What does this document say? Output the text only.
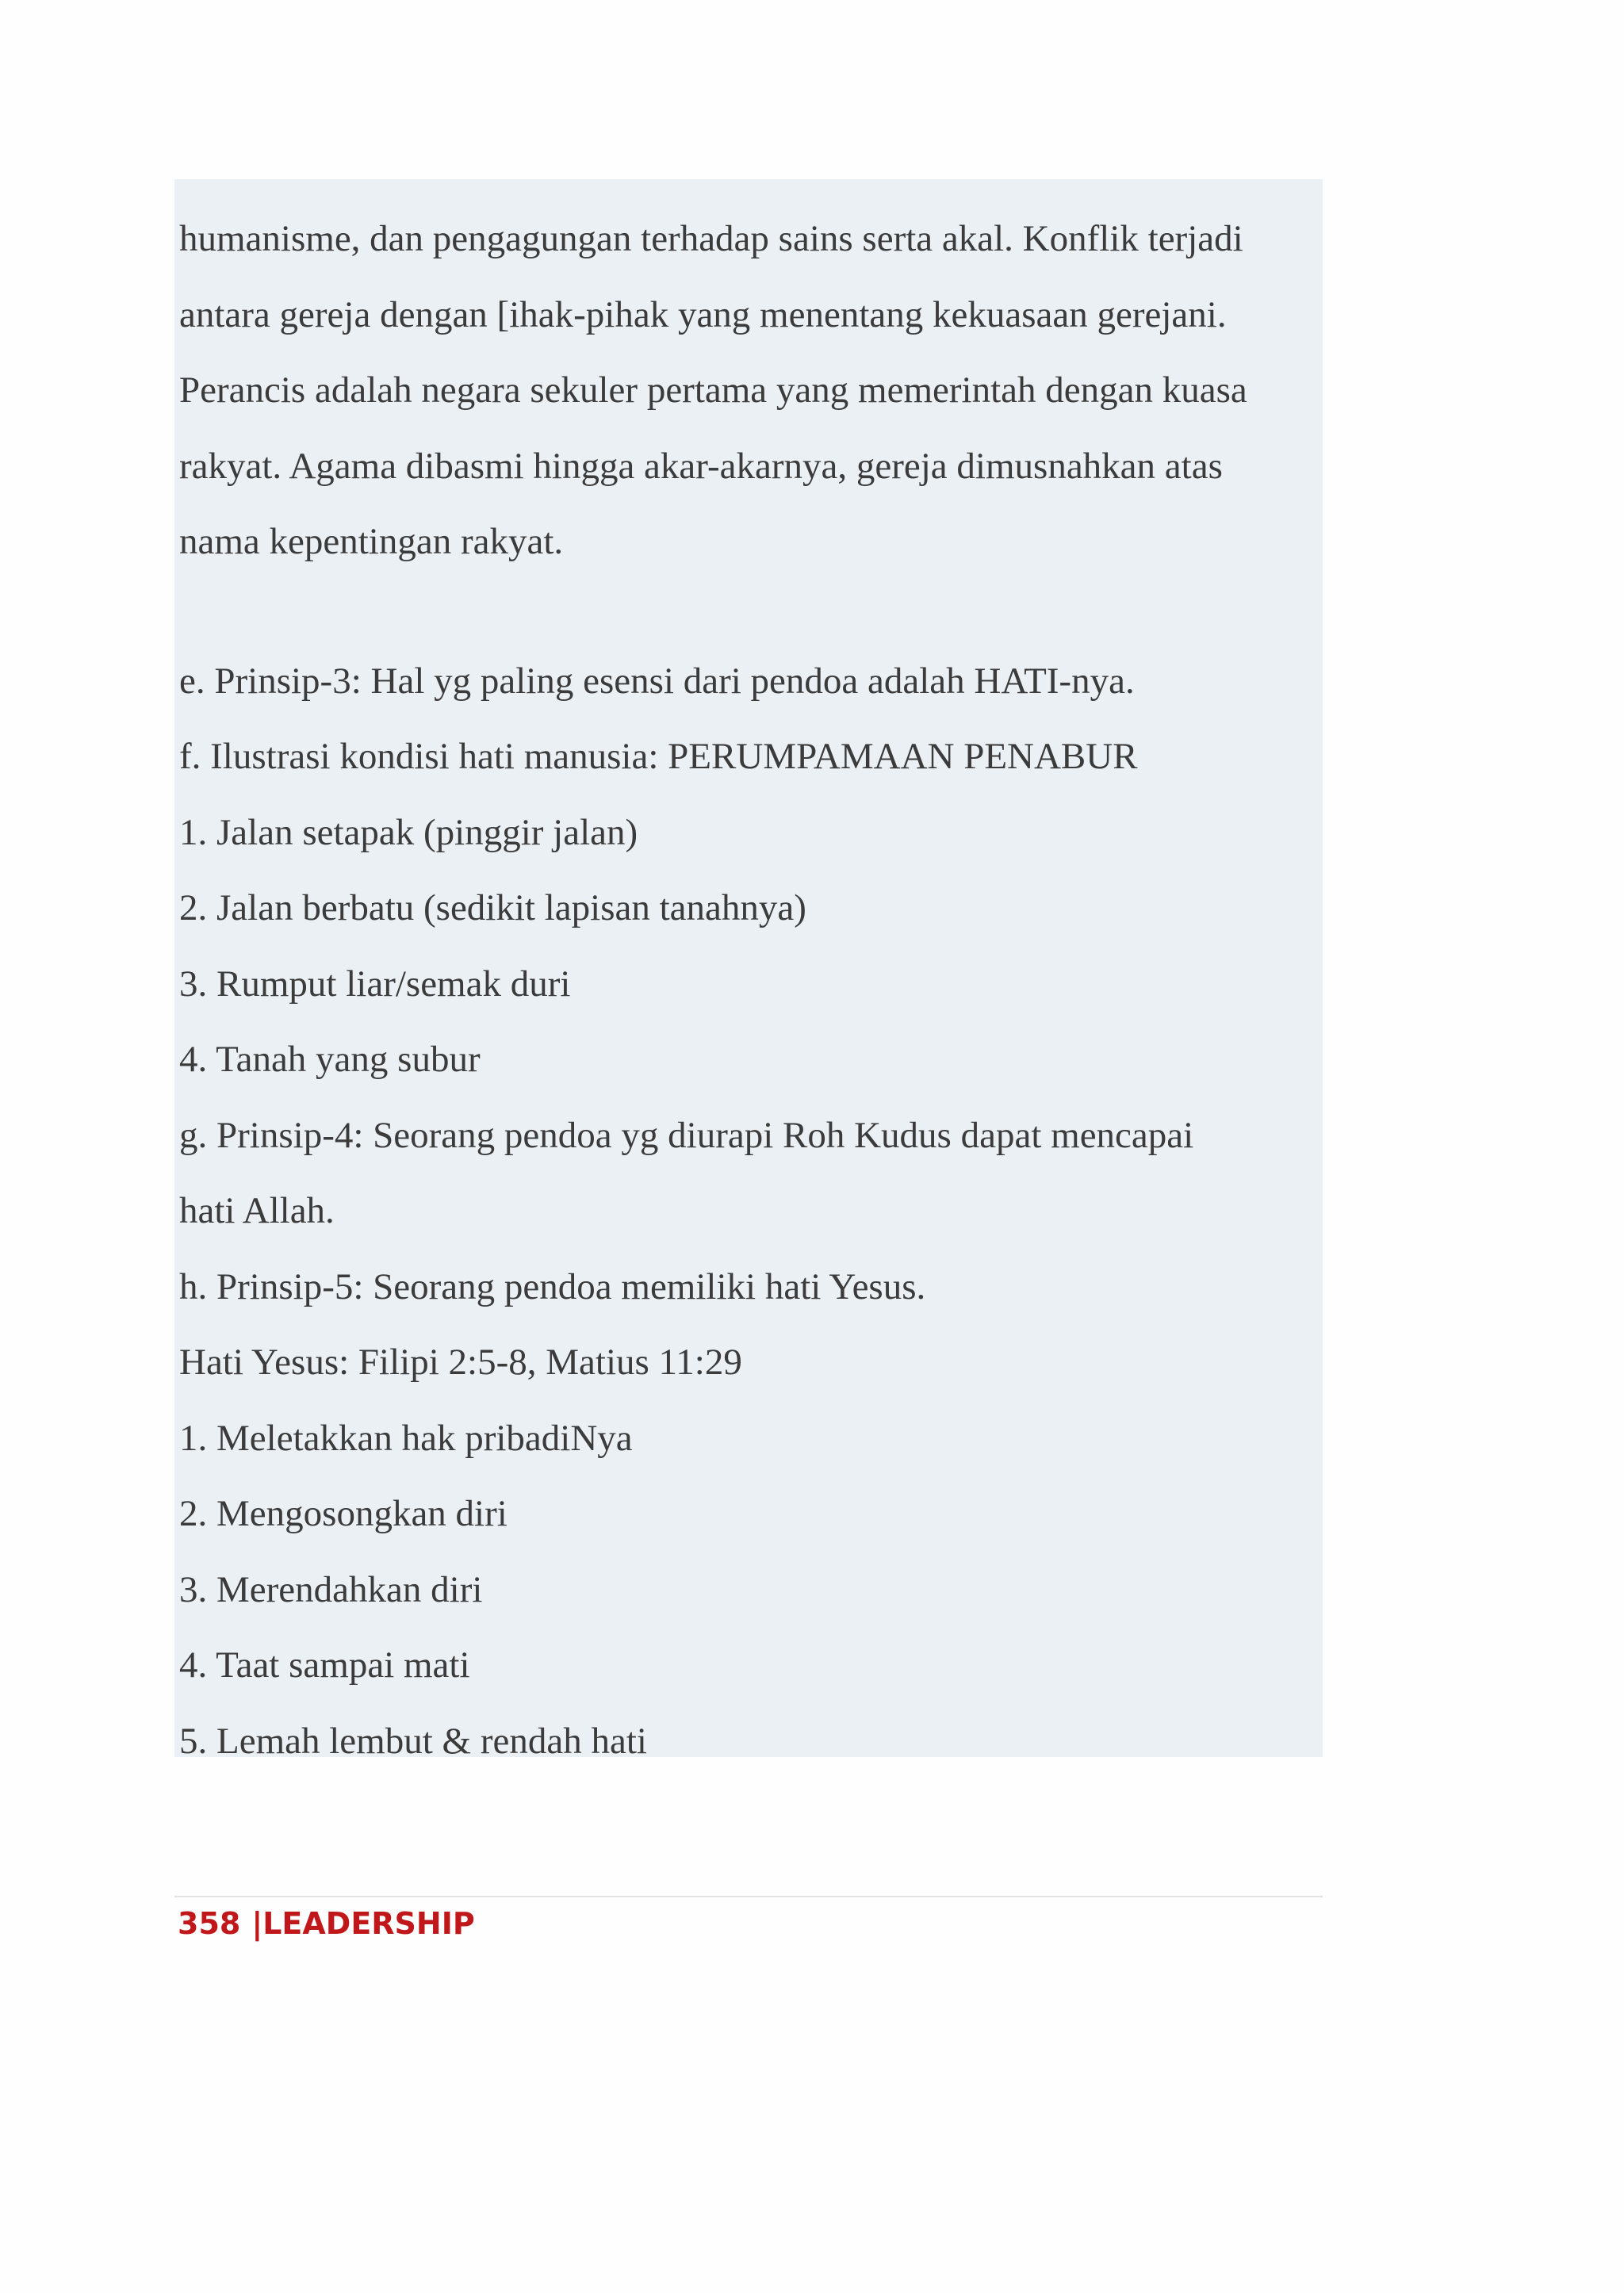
humanisme, dan pengagungan terhadap sains serta akal. Konflik terjadi
antara gereja dengan [ihak-pihak yang menentang kekuasaan gerejani.
Perancis adalah negara sekuler pertama yang memerintah dengan kuasa
rakyat. Agama dibasmi hingga akar-akarnya, gereja dimusnahkan atas
nama kepentingan rakyat.
e. Prinsip-3: Hal yg paling esensi dari pendoa adalah HATI-nya.
f. Ilustrasi kondisi hati manusia: PERUMPAMAAN PENABUR
1. Jalan setapak (pinggir jalan)
2. Jalan berbatu (sedikit lapisan tanahnya)
3. Rumput liar/semak duri
4. Tanah yang subur
g. Prinsip-4: Seorang pendoa yg diurapi Roh Kudus dapat mencapai
hati Allah.
h. Prinsip-5: Seorang pendoa memiliki hati Yesus.
Hati Yesus: Filipi 2:5-8, Matius 11:29
1. Meletakkan hak pribadiNya
2. Mengosongkan diri
3. Merendahkan diri
4. Taat sampai mati
5. Lemah lembut & rendah hati
358 |LEADERSHIP
